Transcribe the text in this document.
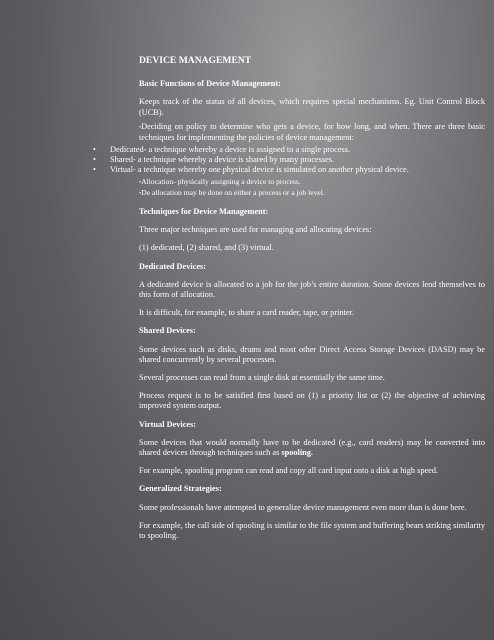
DEVICE MANAGEMENT
Basic Functions of Device Management:
Keeps track of the status of all devices, which requires special mechanisms. Eg. Unit Control Block (UCB).
•Deciding on policy to determine who gets a device, for how long, and when. There are three basic techniques for implementing the policies of device management:
• Dedicated- a technique whereby a device is assigned to a single process.
• Shared- a technique whereby a device is shared by many processes.
• Virtual- a technique whereby one physical device is simulated on another physical device.
•Allocation- physically assigning a device to process.
•De allocation may be done on either a process or a job level.
Techniques for Device Management:
Three major techniques are used for managing and allocating devices:
(1) dedicated, (2) shared, and (3) virtual.
Dedicated Devices:
A dedicated device is allocated to a job for the job’s entire duration. Some devices lend themselves to this form of allocation.
It is difficult, for example, to share a card reader, tape, or printer.
Shared Devices:
Some devices such as disks, drums and most other Direct Access Storage Devices (DASD) may be shared concurrently by several processes.
Several processes can read from a single disk at essentially the same time.
Process request is to be satisfied first based on (1) a priority list or (2) the objective of achieving improved system output.
Virtual Devices:
Some devices that would normally have to be dedicated (e.g., card readers) may be converted into shared devices through techniques such as spooling.
For example, spooling program can read and copy all card input onto a disk at high speed.
Generalized Strategies:
Some professionals have attempted to generalize device management even more than is done here.
For example, the call side of spooling is similar to the file system and buffering bears striking similarity to spooling.
